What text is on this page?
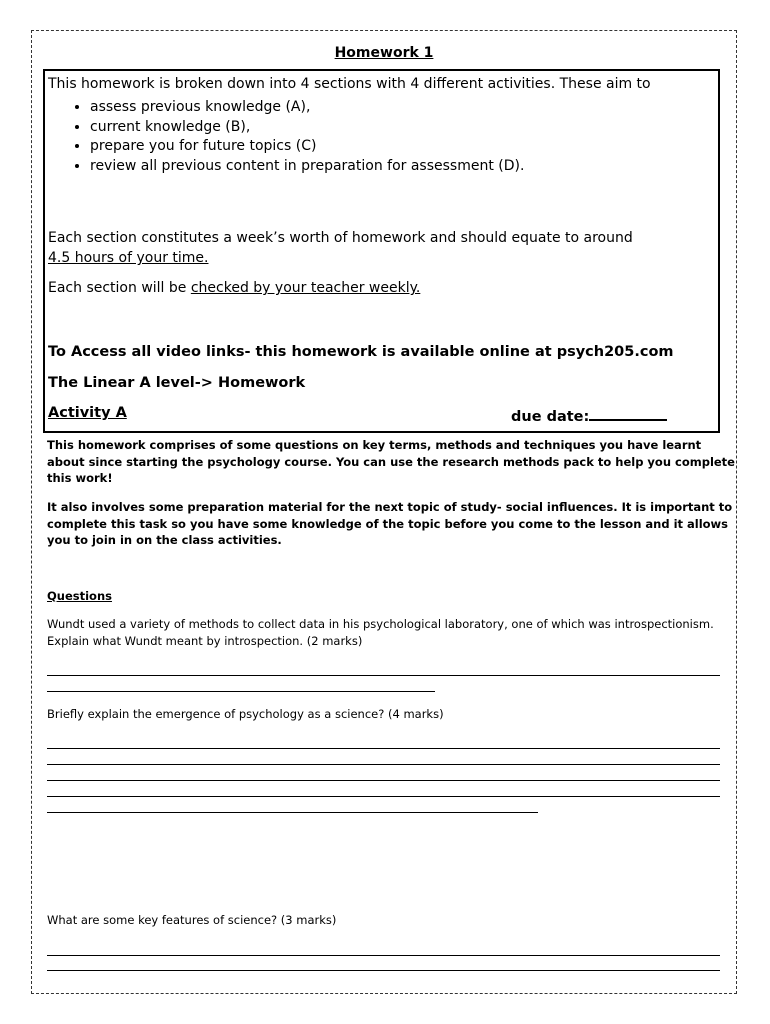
Homework 1
This homework is broken down into 4 sections with 4 different activities. These aim to
• assess previous knowledge (A),
• current knowledge (B),
• prepare you for future topics (C)
• review all previous content in preparation for assessment (D).
Each section constitutes a week’s worth of homework and should equate to around
4.5 hours of your time.
Each section will be checked by your teacher weekly.
To Access all video links- this homework is available online at psych205.com
The Linear A level-> Homework
Activity A	due date:
This homework comprises of some questions on key terms, methods and techniques you have learnt about since starting the psychology course. You can use the research methods pack to help you complete this work!
It also involves some preparation material for the next topic of study- social influences. It is important to complete this task so you have some knowledge of the topic before you come to the lesson and it allows you to join in on the class activities.
Questions
Wundt used a variety of methods to collect data in his psychological laboratory, one of which was introspectionism. Explain what Wundt meant by introspection. (2 marks)
Briefly explain the emergence of psychology as a science? (4 marks)
What are some key features of science? (3 marks)
